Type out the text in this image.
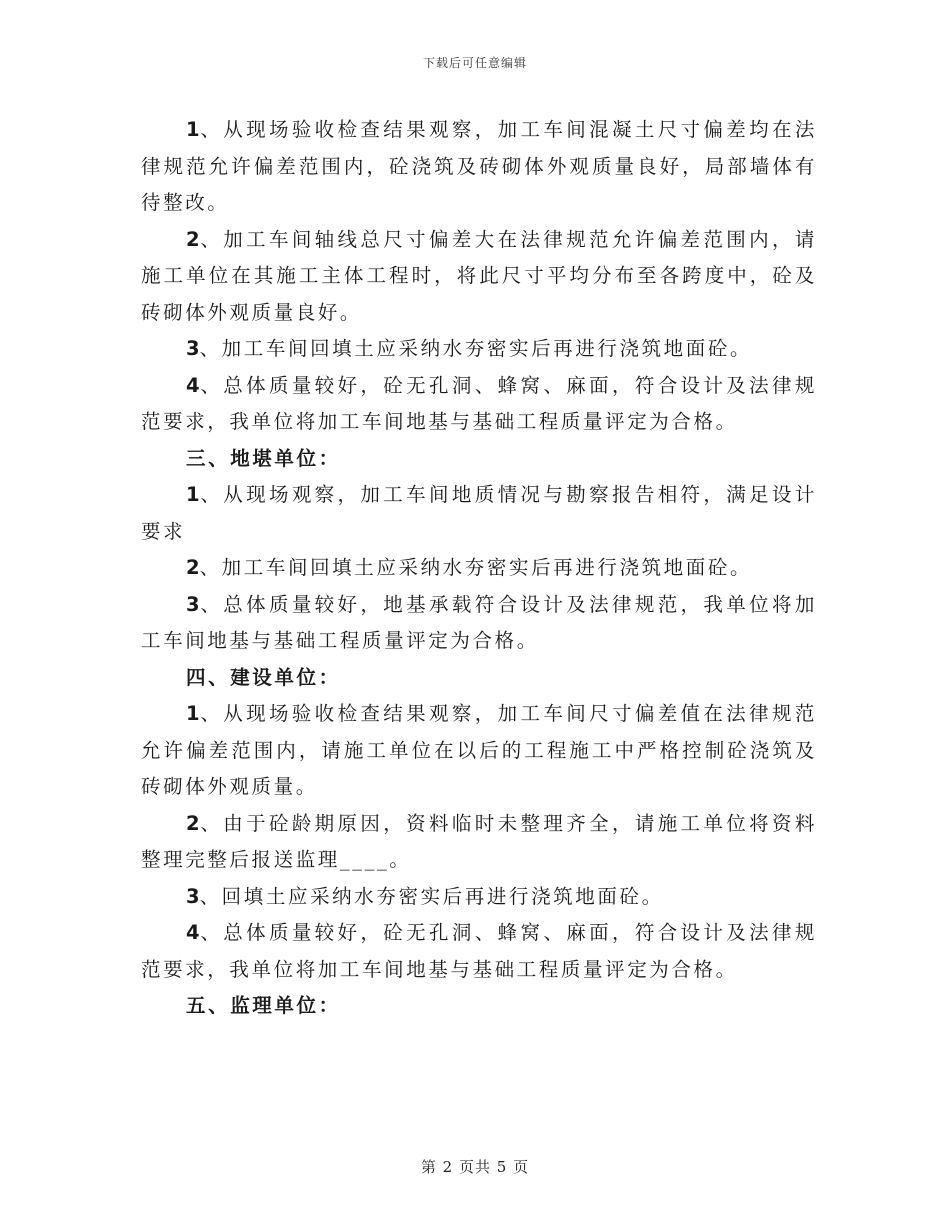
下载后可任意编辑

1、从现场验收检查结果观察，加工车间混凝土尺寸偏差均在法律规范允许偏差范围内，砼浇筑及砖砌体外观质量良好，局部墙体有待整改。

2、加工车间轴线总尺寸偏差大在法律规范允许偏差范围内，请施工单位在其施工主体工程时，将此尺寸平均分布至各跨度中，砼及砖砌体外观质量良好。

3、加工车间回填土应采纳水夯密实后再进行浇筑地面砼。

4、总体质量较好，砼无孔洞、蜂窝、麻面，符合设计及法律规范要求，我单位将加工车间地基与基础工程质量评定为合格。

三、地堪单位：

1、从现场观察，加工车间地质情况与勘察报告相符，满足设计要求

2、加工车间回填土应采纳水夯密实后再进行浇筑地面砼。

3、总体质量较好，地基承载符合设计及法律规范，我单位将加工车间地基与基础工程质量评定为合格。

四、建设单位：

1、从现场验收检查结果观察，加工车间尺寸偏差值在法律规范允许偏差范围内，请施工单位在以后的工程施工中严格控制砼浇筑及砖砌体外观质量。

2、由于砼龄期原因，资料临时未整理齐全，请施工单位将资料整理完整后报送监理____。

3、回填土应采纳水夯密实后再进行浇筑地面砼。

4、总体质量较好，砼无孔洞、蜂窝、麻面，符合设计及法律规范要求，我单位将加工车间地基与基础工程质量评定为合格。

五、监理单位：

第 2 页共 5 页
